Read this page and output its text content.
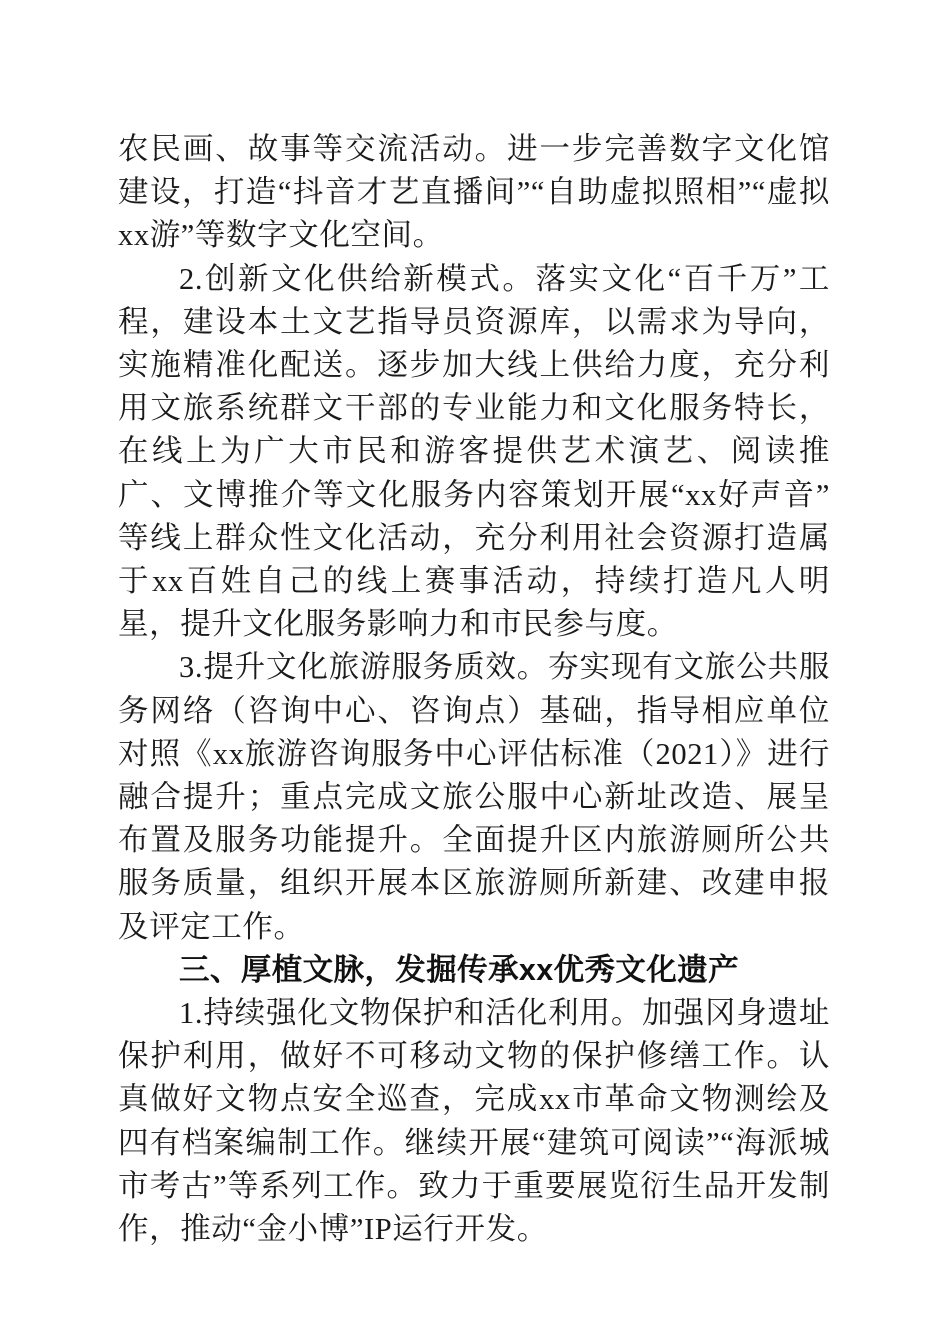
农民画、故事等交流活动。进一步完善数字文化馆建设，打造“抖音才艺直播间”“自助虚拟照相”“虚拟xx游”等数字文化空间。

2.创新文化供给新模式。落实文化“百千万”工程，建设本土文艺指导员资源库，以需求为导向，实施精准化配送。逐步加大线上供给力度，充分利用文旅系统群文干部的专业能力和文化服务特长，在线上为广大市民和游客提供艺术演艺、阅读推广、文博推介等文化服务内容策划开展“xx好声音”等线上群众性文化活动，充分利用社会资源打造属于xx百姓自己的线上赛事活动，持续打造凡人明星，提升文化服务影响力和市民参与度。

3.提升文化旅游服务质效。夯实现有文旅公共服务网络（咨询中心、咨询点）基础，指导相应单位对照《xx旅游咨询服务中心评估标准（2021）》进行融合提升；重点完成文旅公服中心新址改造、展呈布置及服务功能提升。全面提升区内旅游厕所公共服务质量，组织开展本区旅游厕所新建、改建申报及评定工作。

三、厚植文脉，发掘传承xx优秀文化遗产

1.持续强化文物保护和活化利用。加强冈身遗址保护利用，做好不可移动文物的保护修缮工作。认真做好文物点安全巡查，完成xx市革命文物测绘及四有档案编制工作。继续开展“建筑可阅读”“海派城市考古”等系列工作。致力于重要展览衍生品开发制作，推动“金小博”IP运行开发。
